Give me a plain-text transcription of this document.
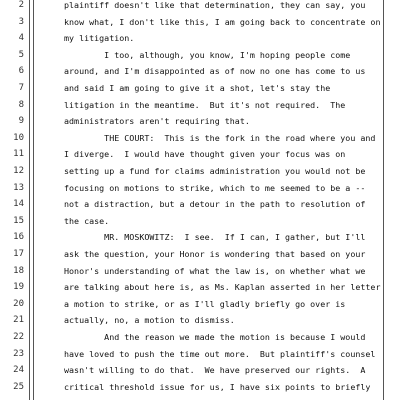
2	plaintiff doesn't like that determination, they can say, you
3	know what, I don't like this, I am going back to concentrate on
4	my litigation.
5	I too, although, you know, I'm hoping people come
6	around, and I'm disappointed as of now no one has come to us
7	and said I am going to give it a shot, let's stay the
8	litigation in the meantime.  But it's not required.  The
9	administrators aren't requiring that.
10	THE COURT:  This is the fork in the road where you and
11	I diverge.  I would have thought given your focus was on
12	setting up a fund for claims administration you would not be
13	focusing on motions to strike, which to me seemed to be a --
14	not a distraction, but a detour in the path to resolution of
15	the case.
16	MR. MOSKOWITZ:  I see.  If I can, I gather, but I'll
17	ask the question, your Honor is wondering that based on your
18	Honor's understanding of what the law is, on whether what we
19	are talking about here is, as Ms. Kaplan asserted in her letter
20	a motion to strike, or as I'll gladly briefly go over is
21	actually, no, a motion to dismiss.
22	And the reason we made the motion is because I would
23	have loved to push the time out more.  But plaintiff's counsel
24	wasn't willing to do that.  We have preserved our rights.  A
25	critical threshold issue for us, I have six points to briefly
